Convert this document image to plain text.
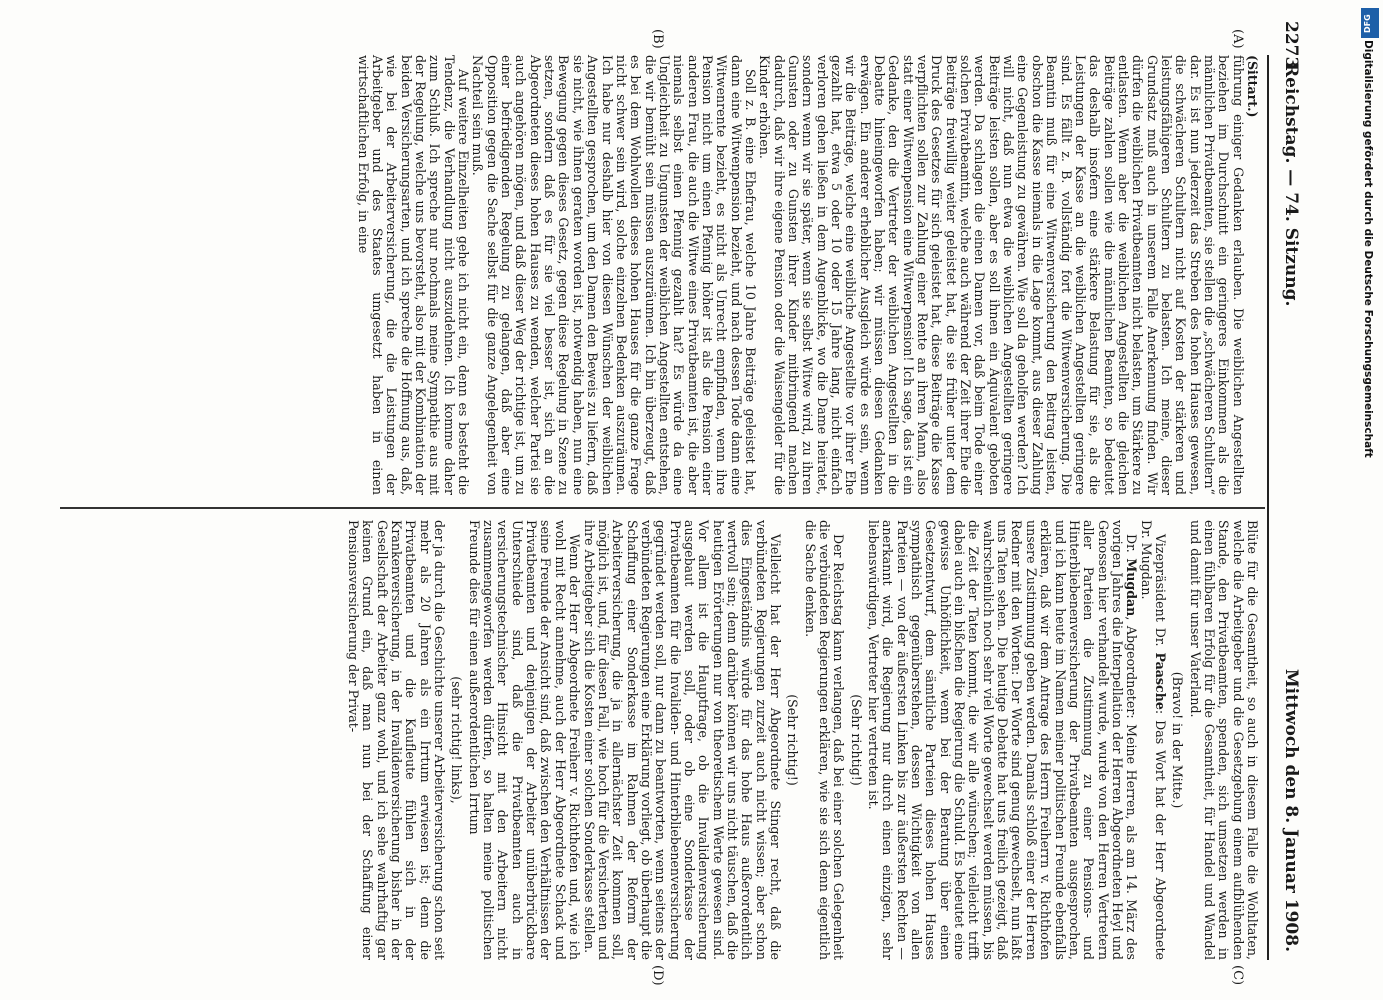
2273
Reichstag. — 74. Sitzung.
Mittwoch den 8. Januar 1908.

(Sittart.)

führung einiger Gedanken erlauben. Die weiblichen Angestellten beziehen im Durchschnitt ein geringeres Einkommen als die männlichen Privatbeamten, sie stellen die „schwächeren Schultern“ dar. Es ist nun jederzeit das Streben des hohen Hauses gewesen, die schwächeren Schultern nicht auf Kosten der stärkeren und leistungsfähigeren Schultern zu belasten. Ich meine, dieser Grundsatz muß auch in unserem Falle Anerkennung finden. Wir dürfen die weiblichen Privatbeamten nicht belasten, um Stärkere zu entlasten. Wenn aber die weiblichen Angestellten die gleichen Beiträge zahlen sollen wie die männlichen Beamten, so bedeutet das deshalb insofern eine stärkere Belastung für sie, als die Leistungen der Kasse an die weiblichen Angestellten geringere sind. Es fällt z. B. vollständig fort die Witwenversicherung. Die Beamtin muß für eine Witwenversicherung den Beitrag leisten, obschon die Kasse niemals in die Lage kommt, aus dieser Zahlung eine Gegenleistung zu gewähren. Wie soll da geholfen werden? Ich will nicht, daß nun etwa die weiblichen Angestellten geringere Beiträge leisten sollen, aber es soll ihnen ein Äquivalent geboten werden. Da schlagen die einen Damen vor, daß beim Tode einer solchen Privatbeamtin, welche auch während der Zeit ihrer Ehe die Beiträge freiwillig weiter geleistet hat, die sie früher unter dem Druck des Gesetzes für sich geleistet hat, diese Beiträge die Kasse verpflichten sollen zur Zahlung einer Rente an ihren Mann, also statt einer Witwenpension eine Witwerpension! Ich sage, das ist ein Gedanke, den die Vertreter der weiblichen Angestellten in die Debatte hineingeworfen haben; wir müssen diesen Gedanken erwägen. Ein anderer erheblicher Ausgleich würde es sein, wenn wir die Beiträge, welche eine weibliche Angestellte vor ihrer Ehe gezahlt hat, etwa 5 oder 10 oder 15 Jahre lang, nicht einfach verloren gehen ließen in dem Augenblicke, wo die Dame heiratet, sondern wenn wir sie später, wenn sie selbst Witwe wird, zu ihren Gunsten oder zu Gunsten ihrer Kinder mitbringend machen dadurch, daß wir ihre eigene Pension oder die Waisengelder für die Kinder erhöhen.

Soll z. B. eine Ehefrau, welche 10 Jahre Beiträge geleistet hat, dann eine Witwenpension bezieht, und nach dessen Tode dann eine Witwenrente bezieht, es nicht als Unrecht empfinden, wenn ihre Pension nicht um einen Pfennig höher ist als die Pension einer anderen Frau, die auch die Witwe eines Privatbeamten ist, die aber niemals selbst einen Pfennig gezahlt hat? Es würde da eine Ungleichheit zu Ungunsten der weiblichen Angestellten entstehen, die wir bemüht sein müssen auszuräumen. Ich bin überzeugt, daß es bei dem Wohlwollen dieses hohen Hauses für die ganze Frage nicht schwer sein wird, solche einzelnen Bedenken auszuräumen. Ich habe nur deshalb hier von diesen Wünschen der weiblichen Angestellten gesprochen, um den Damen den Beweis zu liefern, daß sie nicht, wie ihnen geraten worden ist, notwendig haben, nun eine Bewegung gegen dieses Gesetz, gegen diese Regelung in Szene zu setzen, sondern daß es für sie viel besser ist, sich an die Abgeordneten dieses hohen Hauses zu wenden, welcher Partei sie auch angehören mögen, und daß dieser Weg der richtige ist, um zu einer befriedigenden Regelung zu gelangen, daß aber eine Opposition gegen die Sache selbst für die ganze Angelegenheit von Nachteil sein muß.

Auf weitere Einzelheiten gehe ich nicht ein, denn es besteht die Tendenz, die Verhandlung nicht auszudehnen. Ich komme daher zum Schluß. Ich spreche nur nochmals meine Sympathie aus mit der Regelung, welche uns bevorsteht, also mit der Kombination der beiden Versicherungsarten, und ich spreche die Hoffnung aus, daß, wie bei der Arbeiterversicherung, die die Leistungen der Arbeitgeber und des Staates umgesetzt haben in einen wirtschaftlichen Erfolg, in eine

Blüte für die Gesamtheit, so auch in diesem Falle die Wohltaten, welche die Arbeitgeber und die Gesetzgebung einem aufblühenden Stande, den Privatbeamten, spenden, sich umsetzen werden in einen fühlbaren Erfolg für die Gesamtheit, für Handel und Wandel und damit für unser Vaterland.

(Bravo! in der Mitte.)

Vizepräsident Dr. Paasche: Das Wort hat der Herr Abgeordnete Dr. Mugdan.

Dr. Mugdan, Abgeordneter: Meine Herren, als am 14. März des vorigen Jahres die Interpellation der Herren Abgeordneten Heyl und Genossen hier verhandelt wurde, wurde von den Herren Vertretern aller Parteien die Zustimmung zu einer Pensions- und Hinterbliebenenversicherung der Privatbeamten ausgesprochen, und ich kann heute im Namen meiner politischen Freunde ebenfalls erklären, daß wir dem Antrage des Herrn Freiherrn v. Richthofen unsere Zustimmung geben werden. Damals schloß einer der Herren Redner mit den Worten: Der Worte sind genug gewechselt, nun laßt uns Taten sehen. Die heutige Debatte hat uns freilich gezeigt, daß wahrscheinlich noch sehr viel Worte gewechselt werden müssen, bis die Zeit der Taten kommt, die wir alle wünschen; vielleicht trifft dabei auch ein bißchen die Regierung die Schuld. Es bedeutet eine gewisse Unhöflichkeit, wenn bei der Beratung über einen Gesetzentwurf, dem sämtliche Parteien dieses hohen Hauses sympathisch gegenüberstehen, dessen Wichtigkeit von allen Parteien — von der äußersten Linken bis zur äußersten Rechten — anerkannt wird, die Regierung nur durch einen einzigen, sehr liebenswürdigen, Vertreter hier vertreten ist.

(Sehr richtig!)

Der Reichstag kann verlangen, daß bei einer solchen Gelegenheit die verbündeten Regierungen erklären, wie sie sich denn eigentlich die Sache denken.

(Sehr richtig!)

Vielleicht hat der Herr Abgeordnete Stinger recht, daß die verbündeten Regierungen zurzeit auch nicht wissen; aber schon dies Eingeständnis würde für das hohe Haus außerordentlich wertvoll sein; denn darüber können wir uns nicht täuschen, daß die heutigen Erörterungen nur von theoretischem Werte gewesen sind. Vor allem ist die Hauptfrage, ob die Invalidenversicherung ausgebaut werden soll, oder ob eine Sonderkasse der Privatbeamten für die Invaliden- und Hinterbliebenenversicherung gegründet werden soll, nur dann zu beantworten, wenn seitens der verbündeten Regierungen eine Erklärung vorliegt, ob überhaupt die Schaffung einer Sonderkasse im Rahmen der Reform der Arbeiterversicherung, die ja in allernächster Zeit kommen soll, möglich ist, und, für diesen Fall, wie hoch für die Versicherten und ihre Arbeitgeber sich die Kosten einer solchen Sonderkasse stellen.

Wenn der Herr Abgeordnete Freiherr v. Richthofen und, wie ich wohl mit Recht annehme, auch der Herr Abgeordnete Schack und seine Freunde der Ansicht sind, daß zwischen den Verhältnissen der Privatbeamten und denjenigen der Arbeiter unüberbrückbare Unterschiede sind, daß die Privatbeamten auch in versicherungstechnischer Hinsicht mit den Arbeitern nicht zusammengeworfen werden dürfen, so halten meine politischen Freunde dies für einen außerordentlichen Irrtum

(sehr richtig! links),

der ja durch die Geschichte unserer Arbeiterversicherung schon seit mehr als 20 Jahren als ein Irrtum erwiesen ist; denn die Privatbeamten und die Kaufleute fühlen sich in der Krankenversicherung, in der Invalidenversicherung bisher in der Gesellschaft der Arbeiter ganz wohl, und ich sehe wahrhaftig gar keinen Grund ein, daß man nun bei der Schaffung einer Pensionsversicherung der Privat-

(A)
(B)
(C)
(D)
DFG
Digitalisierung gefördert durch die Deutsche Forschungsgemeinschaft
